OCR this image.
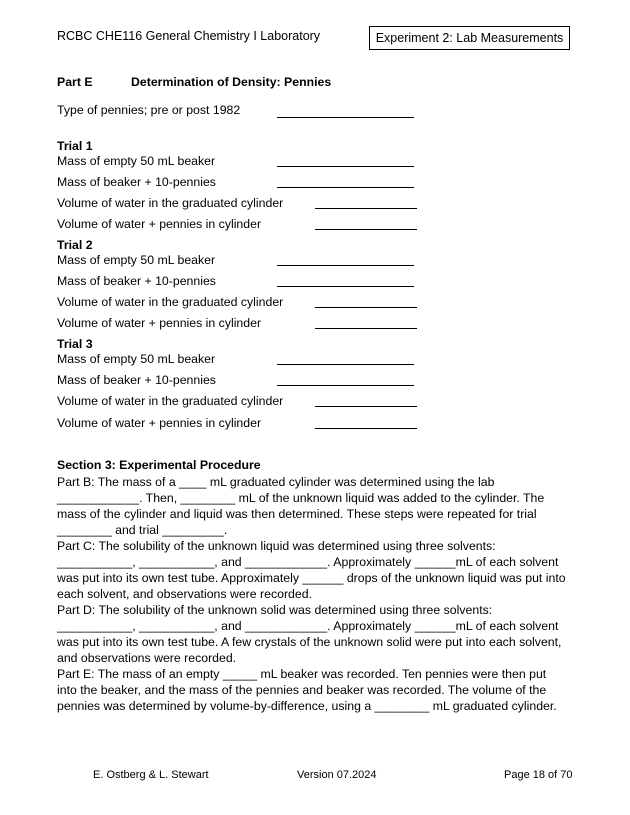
RCBC CHE116 General Chemistry I Laboratory	Experiment 2: Lab Measurements
Part E	Determination of Density: Pennies
Type of pennies; pre or post 1982
Trial 1
Mass of empty 50 mL beaker
Mass of beaker + 10-pennies
Volume of water in the graduated cylinder
Volume of water + pennies in cylinder
Trial 2
Mass of empty 50 mL beaker
Mass of beaker + 10-pennies
Volume of water in the graduated cylinder
Volume of water + pennies in cylinder
Trial 3
Mass of empty 50 mL beaker
Mass of beaker + 10-pennies
Volume of water in the graduated cylinder
Volume of water + pennies in cylinder
Section 3: Experimental Procedure
Part B: The mass of a ____ mL graduated cylinder was determined using the lab
____________. Then, ________ mL of the unknown liquid was added to the cylinder. The
mass of the cylinder and liquid was then determined. These steps were repeated for trial
________ and trial _________.
Part C: The solubility of the unknown liquid was determined using three solvents:
___________, ___________, and ____________. Approximately ______mL of each solvent
was put into its own test tube. Approximately ______ drops of the unknown liquid was put into
each solvent, and observations were recorded.
Part D: The solubility of the unknown solid was determined using three solvents:
___________, ___________, and ____________. Approximately ______mL of each solvent
was put into its own test tube. A few crystals of the unknown solid were put into each solvent,
and observations were recorded.
Part E: The mass of an empty _____ mL beaker was recorded. Ten pennies were then put
into the beaker, and the mass of the pennies and beaker was recorded. The volume of the
pennies was determined by volume-by-difference, using a ________ mL graduated cylinder.
E. Ostberg & L. Stewart	Version 07.2024	Page 18 of 70
